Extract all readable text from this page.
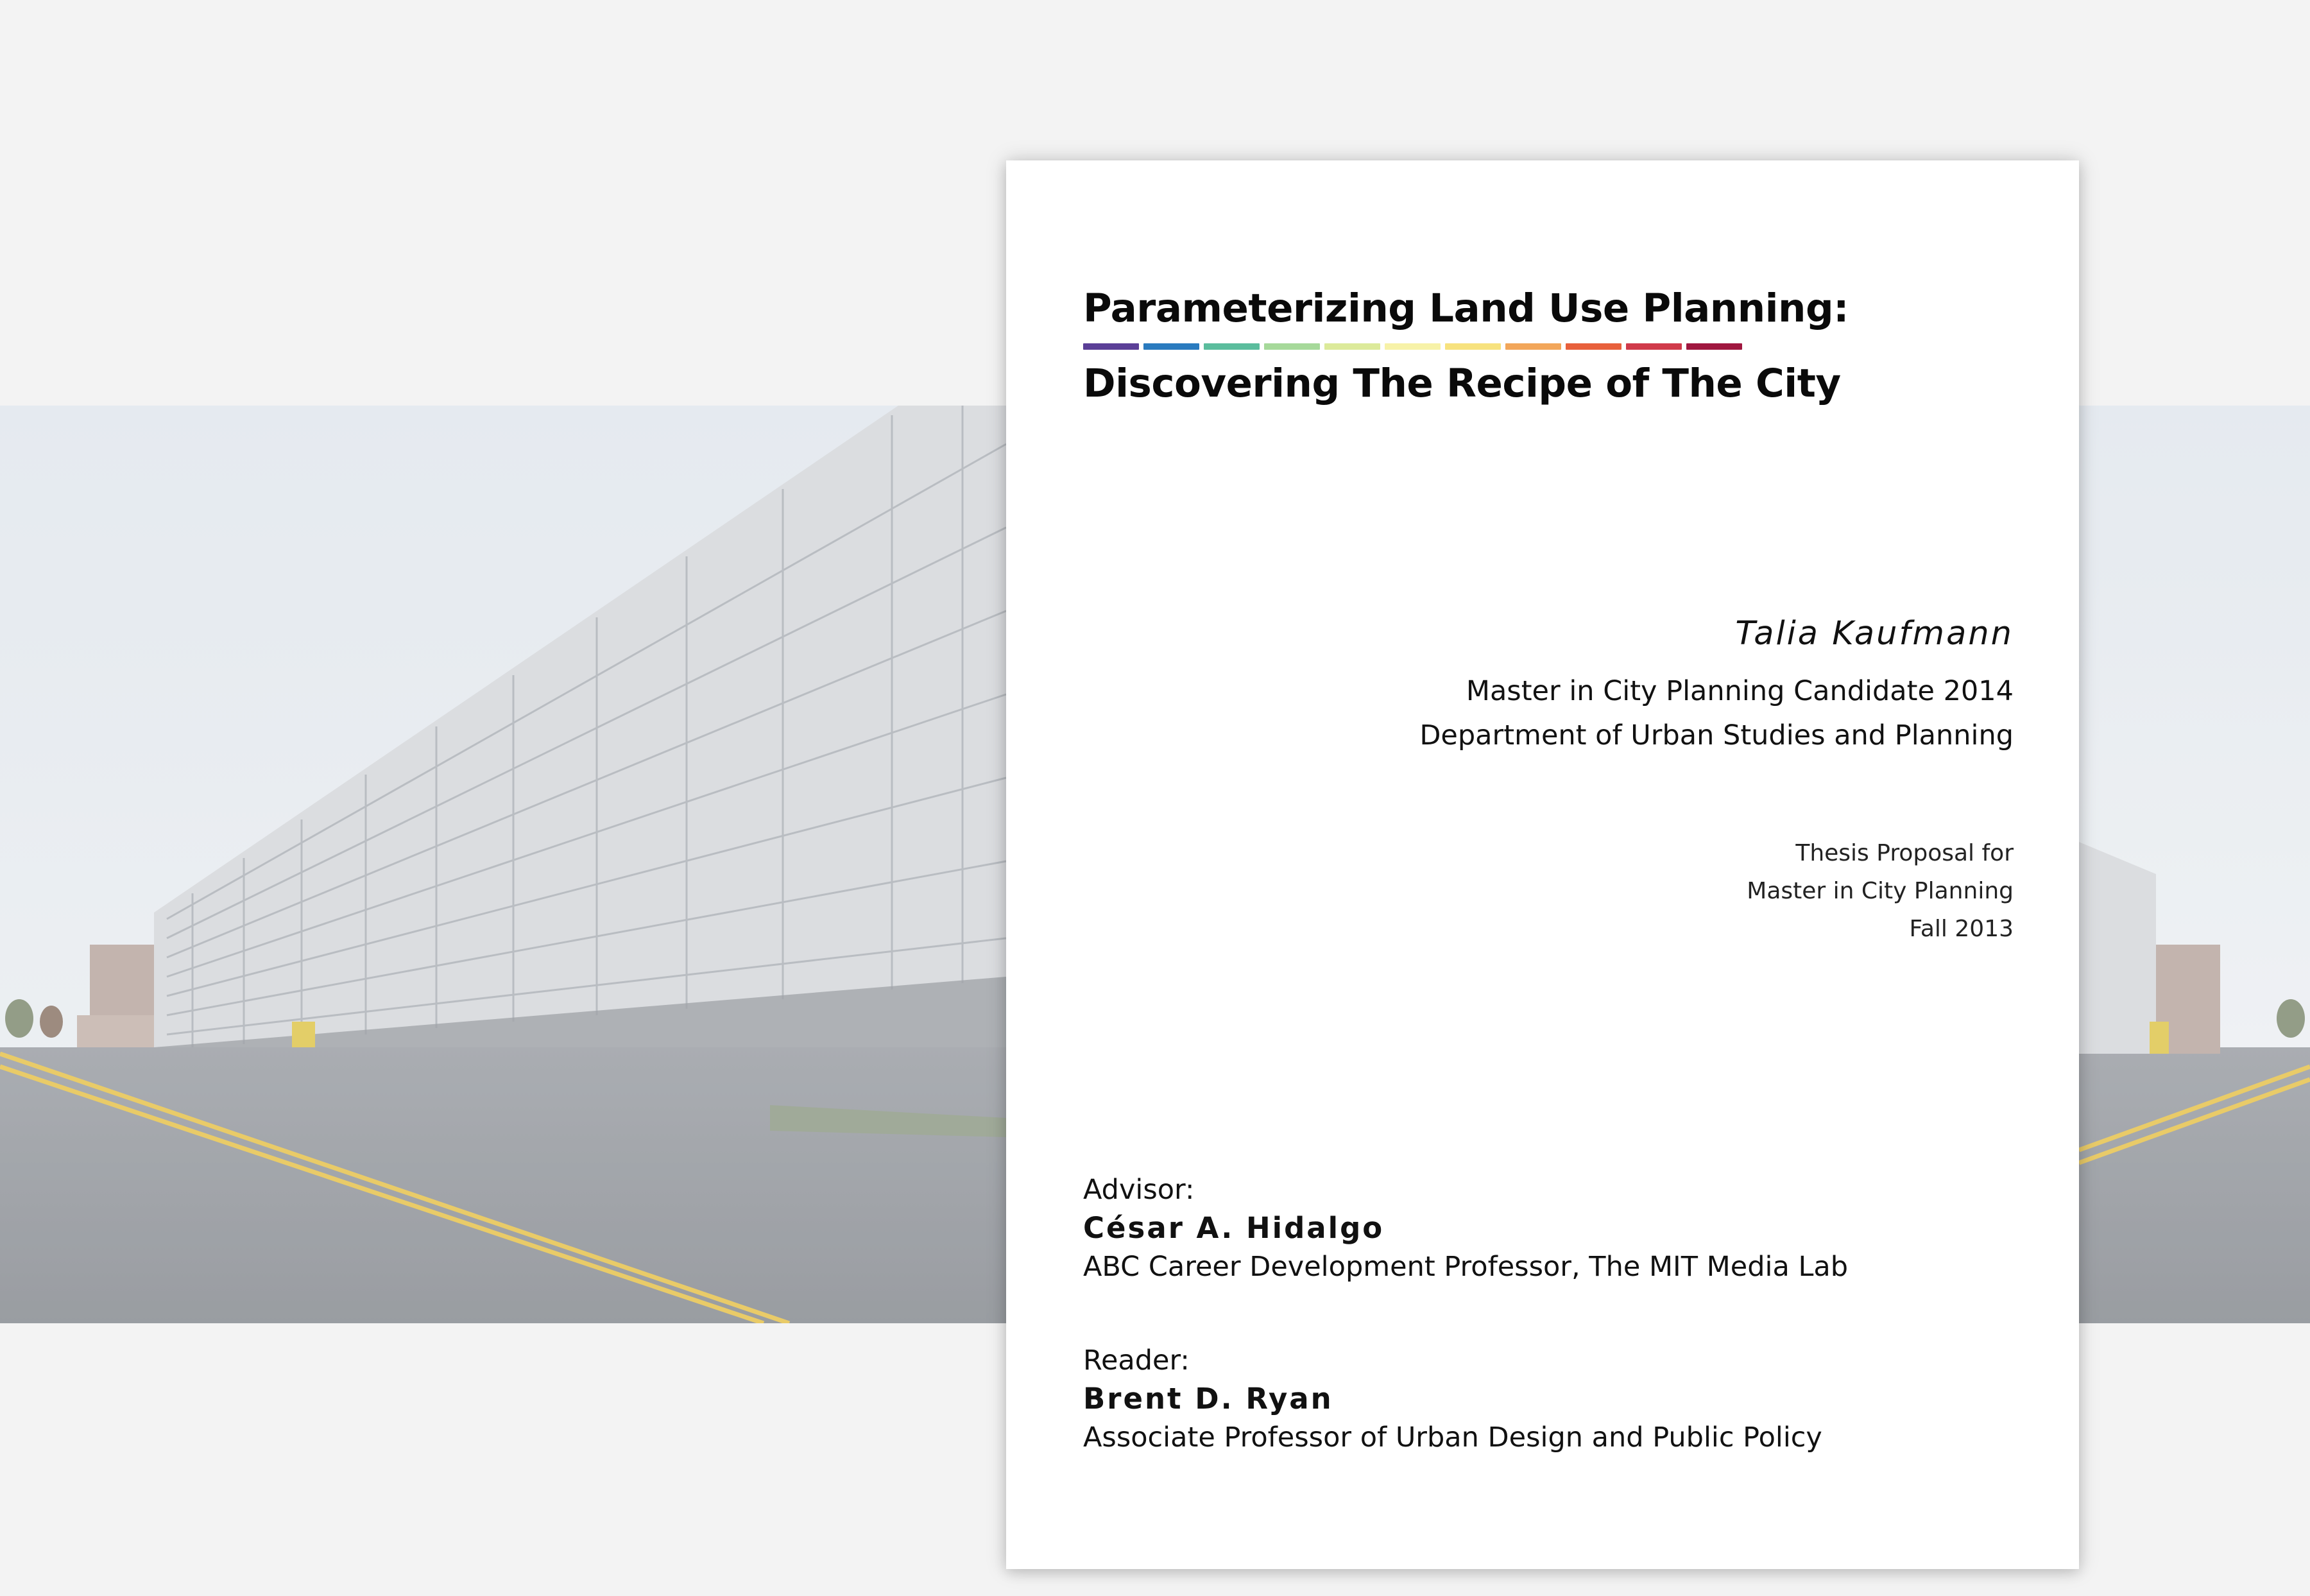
Parameterizing Land Use Planning:
Discovering The Recipe of The City
Talia Kaufmann
Master in City Planning Candidate 2014
Department of Urban Studies and Planning
Thesis Proposal for
Master in City Planning
Fall 2013
Advisor:
César A. Hidalgo
ABC Career Development Professor, The MIT Media Lab
Reader:
Brent D. Ryan
Associate Professor of Urban Design and Public Policy
